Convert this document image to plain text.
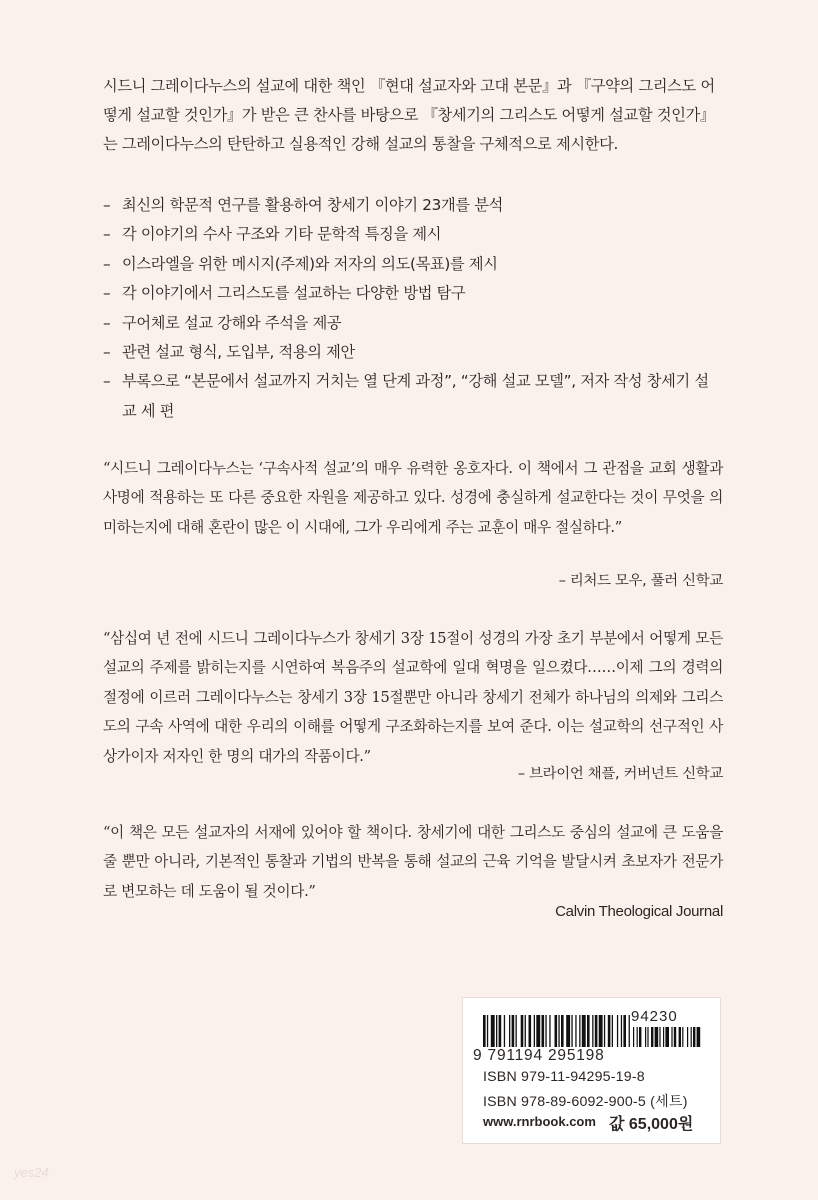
시드니 그레이다누스의 설교에 대한 책인 『현대 설교자와 고대 본문』과 『구약의 그리스도 어떻게 설교할 것인가』가 받은 큰 찬사를 바탕으로 『창세기의 그리스도 어떻게 설교할 것인가』는 그레이다누스의 탄탄하고 실용적인 강해 설교의 통찰을 구체적으로 제시한다.

– 최신의 학문적 연구를 활용하여 창세기 이야기 23개를 분석
– 각 이야기의 수사 구조와 기타 문학적 특징을 제시
– 이스라엘을 위한 메시지(주제)와 저자의 의도(목표)를 제시
– 각 이야기에서 그리스도를 설교하는 다양한 방법 탐구
– 구어체로 설교 강해와 주석을 제공
– 관련 설교 형식, 도입부, 적용의 제안
– 부록으로 “본문에서 설교까지 거치는 열 단계 과정”, “강해 설교 모델”, 저자 작성 창세기 설교 세 편

“시드니 그레이다누스는 ‘구속사적 설교’의 매우 유력한 옹호자다. 이 책에서 그 관점을 교회 생활과 사명에 적용하는 또 다른 중요한 자원을 제공하고 있다. 성경에 충실하게 설교한다는 것이 무엇을 의미하는지에 대해 혼란이 많은 이 시대에, 그가 우리에게 주는 교훈이 매우 절실하다.”

– 리처드 모우, 풀러 신학교

“삼십여 년 전에 시드니 그레이다누스가 창세기 3장 15절이 성경의 가장 초기 부분에서 어떻게 모든 설교의 주제를 밝히는지를 시연하여 복음주의 설교학에 일대 혁명을 일으켰다……이제 그의 경력의 절정에 이르러 그레이다누스는 창세기 3장 15절뿐만 아니라 창세기 전체가 하나님의 의제와 그리스도의 구속 사역에 대한 우리의 이해를 어떻게 구조화하는지를 보여 준다. 이는 설교학의 선구적인 사상가이자 저자인 한 명의 대가의 작품이다.”

– 브라이언 채플, 커버넌트 신학교

“이 책은 모든 설교자의 서재에 있어야 할 책이다. 창세기에 대한 그리스도 중심의 설교에 큰 도움을 줄 뿐만 아니라, 기본적인 통찰과 기법의 반복을 통해 설교의 근육 기억을 발달시켜 초보자가 전문가로 변모하는 데 도움이 될 것이다.”

Calvin Theological Journal

94230
9 791194 295198
ISBN 979-11-94295-19-8
ISBN 978-89-6092-900-5 (세트)
www.rnrbook.com 값 65,000원
yes24
